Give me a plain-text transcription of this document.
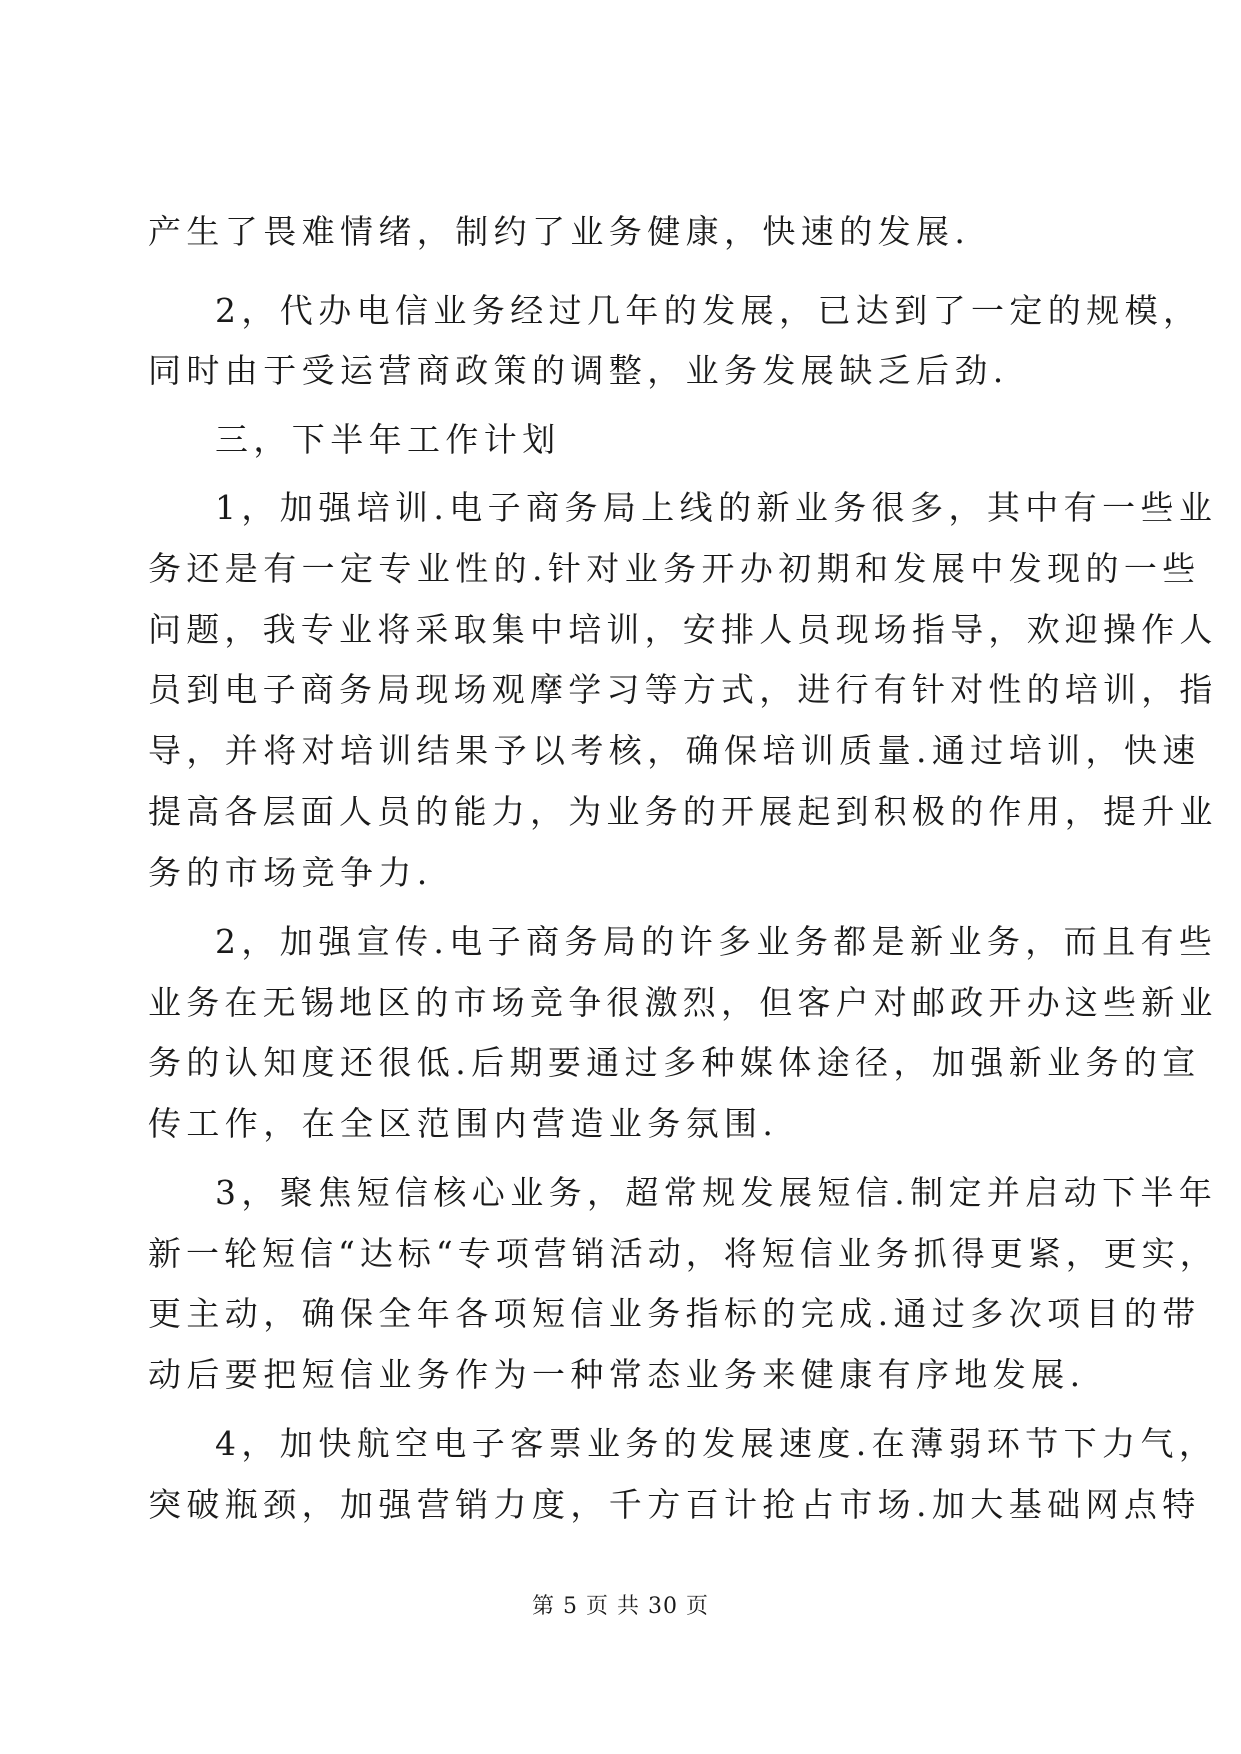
产生了畏难情绪，制约了业务健康，快速的发展.
2，代办电信业务经过几年的发展，已达到了一定的规模，
同时由于受运营商政策的调整，业务发展缺乏后劲.
三，下半年工作计划
1，加强培训.电子商务局上线的新业务很多，其中有一些业
务还是有一定专业性的.针对业务开办初期和发展中发现的一些
问题，我专业将采取集中培训，安排人员现场指导，欢迎操作人
员到电子商务局现场观摩学习等方式，进行有针对性的培训，指
导，并将对培训结果予以考核，确保培训质量.通过培训，快速
提高各层面人员的能力，为业务的开展起到积极的作用，提升业
务的市场竞争力.
2，加强宣传.电子商务局的许多业务都是新业务，而且有些
业务在无锡地区的市场竞争很激烈，但客户对邮政开办这些新业
务的认知度还很低.后期要通过多种媒体途径，加强新业务的宣
传工作，在全区范围内营造业务氛围.
3，聚焦短信核心业务，超常规发展短信.制定并启动下半年
新一轮短信“达标“专项营销活动，将短信业务抓得更紧，更实，
更主动，确保全年各项短信业务指标的完成.通过多次项目的带
动后要把短信业务作为一种常态业务来健康有序地发展.
4，加快航空电子客票业务的发展速度.在薄弱环节下力气，
突破瓶颈，加强营销力度，千方百计抢占市场.加大基础网点特
第 5 页 共 30 页
